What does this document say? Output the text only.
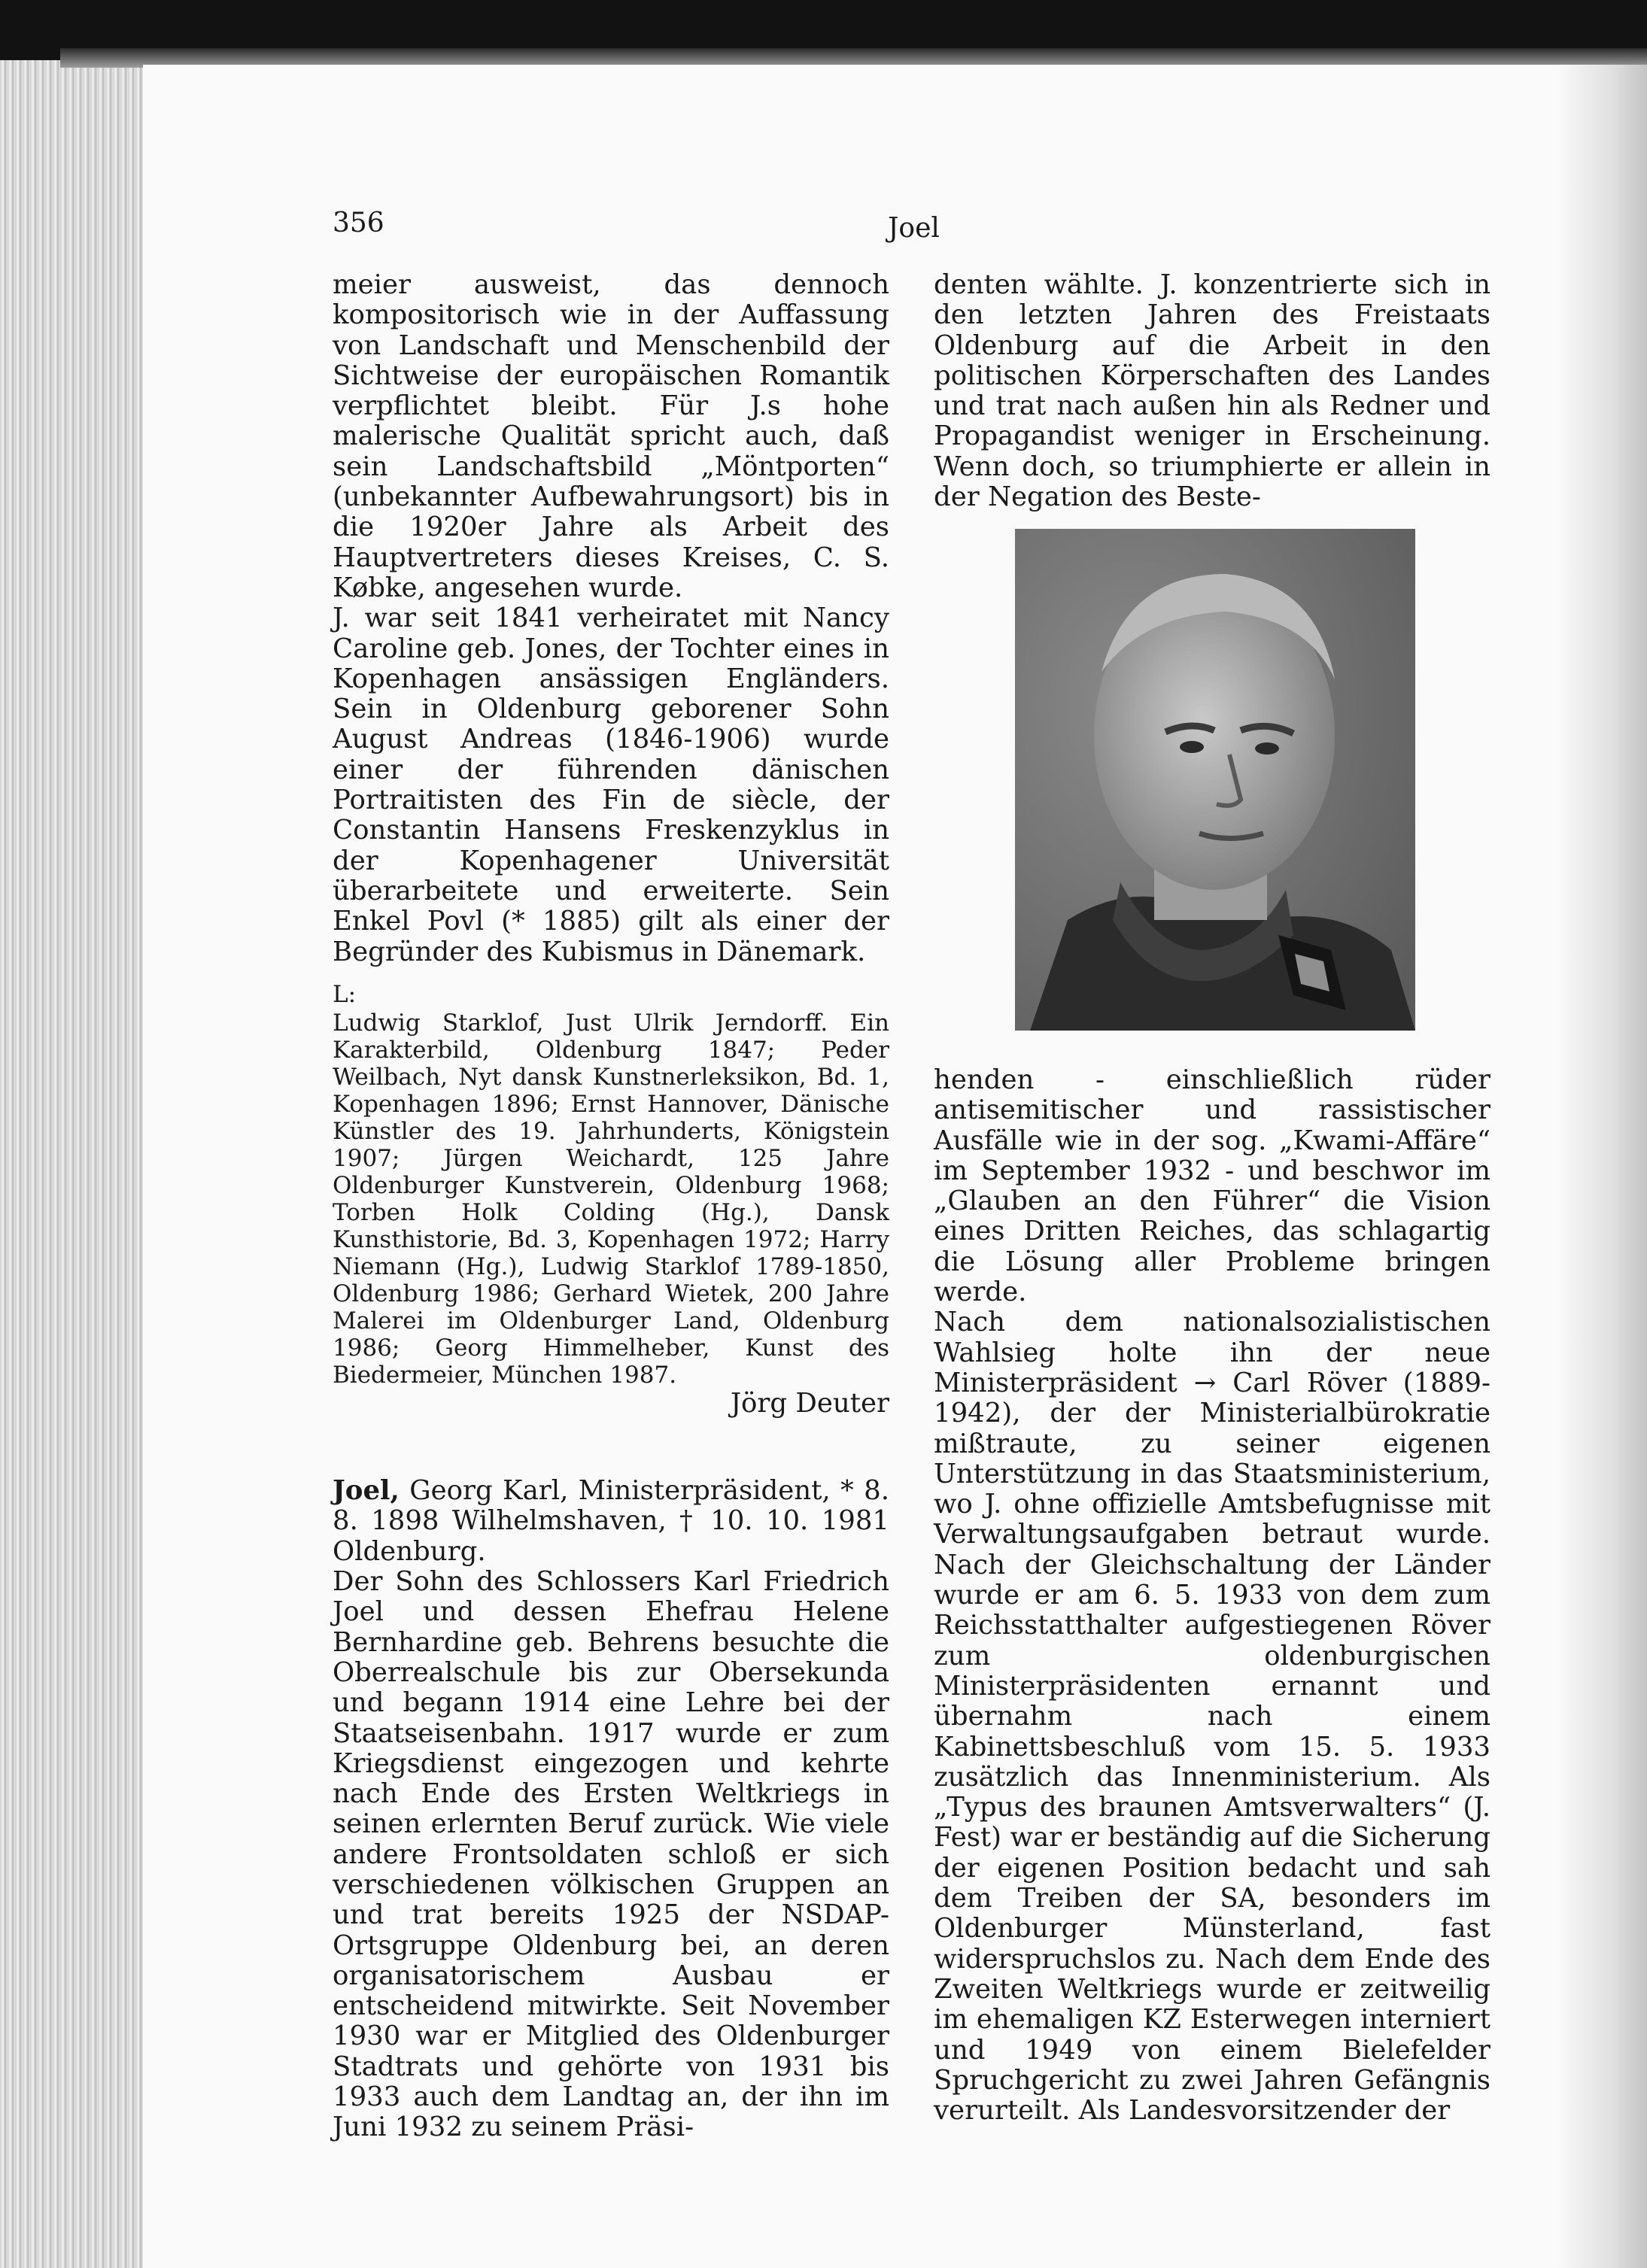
356	Joel

meier ausweist, das dennoch kompositorisch wie in der Auffassung von Landschaft und Menschenbild der Sichtweise der europäischen Romantik verpflichtet bleibt. Für J.s hohe malerische Qualität spricht auch, daß sein Landschaftsbild „Möntporten“ (unbekannter Aufbewahrungsort) bis in die 1920er Jahre als Arbeit des Hauptvertreters dieses Kreises, C. S. Købke, angesehen wurde.

J. war seit 1841 verheiratet mit Nancy Caroline geb. Jones, der Tochter eines in Kopenhagen ansässigen Engländers. Sein in Oldenburg geborener Sohn August Andreas (1846-1906) wurde einer der führenden dänischen Portraitisten des Fin de siècle, der Constantin Hansens Freskenzyklus in der Kopenhagener Universität überarbeitete und erweiterte. Sein Enkel Povl (* 1885) gilt als einer der Begründer des Kubismus in Dänemark.

L:

Ludwig Starklof, Just Ulrik Jerndorff. Ein Karakterbild, Oldenburg 1847; Peder Weilbach, Nyt dansk Kunstnerleksikon, Bd. 1, Kopenhagen 1896; Ernst Hannover, Dänische Künstler des 19. Jahrhunderts, Königstein 1907; Jürgen Weichardt, 125 Jahre Oldenburger Kunstverein, Oldenburg 1968; Torben Holk Colding (Hg.), Dansk Kunsthistorie, Bd. 3, Kopenhagen 1972; Harry Niemann (Hg.), Ludwig Starklof 1789-1850, Oldenburg 1986; Gerhard Wietek, 200 Jahre Malerei im Oldenburger Land, Oldenburg 1986; Georg Himmelheber, Kunst des Biedermeier, München 1987.

Jörg Deuter

Joel, Georg Karl, Ministerpräsident, * 8. 8. 1898 Wilhelmshaven, † 10. 10. 1981 Oldenburg.

Der Sohn des Schlossers Karl Friedrich Joel und dessen Ehefrau Helene Bernhardine geb. Behrens besuchte die Oberrealschule bis zur Obersekunda und begann 1914 eine Lehre bei der Staatseisenbahn. 1917 wurde er zum Kriegsdienst eingezogen und kehrte nach Ende des Ersten Weltkriegs in seinen erlernten Beruf zurück. Wie viele andere Frontsoldaten schloß er sich verschiedenen völkischen Gruppen an und trat bereits 1925 der NSDAP-Ortsgruppe Oldenburg bei, an deren organisatorischem Ausbau er entscheidend mitwirkte. Seit November 1930 war er Mitglied des Oldenburger Stadtrats und gehörte von 1931 bis 1933 auch dem Landtag an, der ihn im Juni 1932 zu seinem Präsi-

denten wählte. J. konzentrierte sich in den letzten Jahren des Freistaats Oldenburg auf die Arbeit in den politischen Körperschaften des Landes und trat nach außen hin als Redner und Propagandist weniger in Erscheinung. Wenn doch, so triumphierte er allein in der Negation des Beste-

henden - einschließlich rüder antisemitischer und rassistischer Ausfälle wie in der sog. „Kwami-Affäre“ im September 1932 - und beschwor im „Glauben an den Führer“ die Vision eines Dritten Reiches, das schlagartig die Lösung aller Probleme bringen werde.

Nach dem nationalsozialistischen Wahlsieg holte ihn der neue Ministerpräsident → Carl Röver (1889-1942), der der Ministerialbürokratie mißtraute, zu seiner eigenen Unterstützung in das Staatsministerium, wo J. ohne offizielle Amtsbefugnisse mit Verwaltungsaufgaben betraut wurde. Nach der Gleichschaltung der Länder wurde er am 6. 5. 1933 von dem zum Reichsstatthalter aufgestiegenen Röver zum oldenburgischen Ministerpräsidenten ernannt und übernahm nach einem Kabinettsbeschluß vom 15. 5. 1933 zusätzlich das Innenministerium. Als „Typus des braunen Amtsverwalters“ (J. Fest) war er beständig auf die Sicherung der eigenen Position bedacht und sah dem Treiben der SA, besonders im Oldenburger Münsterland, fast widerspruchslos zu. Nach dem Ende des Zweiten Weltkriegs wurde er zeitweilig im ehemaligen KZ Esterwegen interniert und 1949 von einem Bielefelder Spruchgericht zu zwei Jahren Gefängnis verurteilt. Als Landesvorsitzender der
